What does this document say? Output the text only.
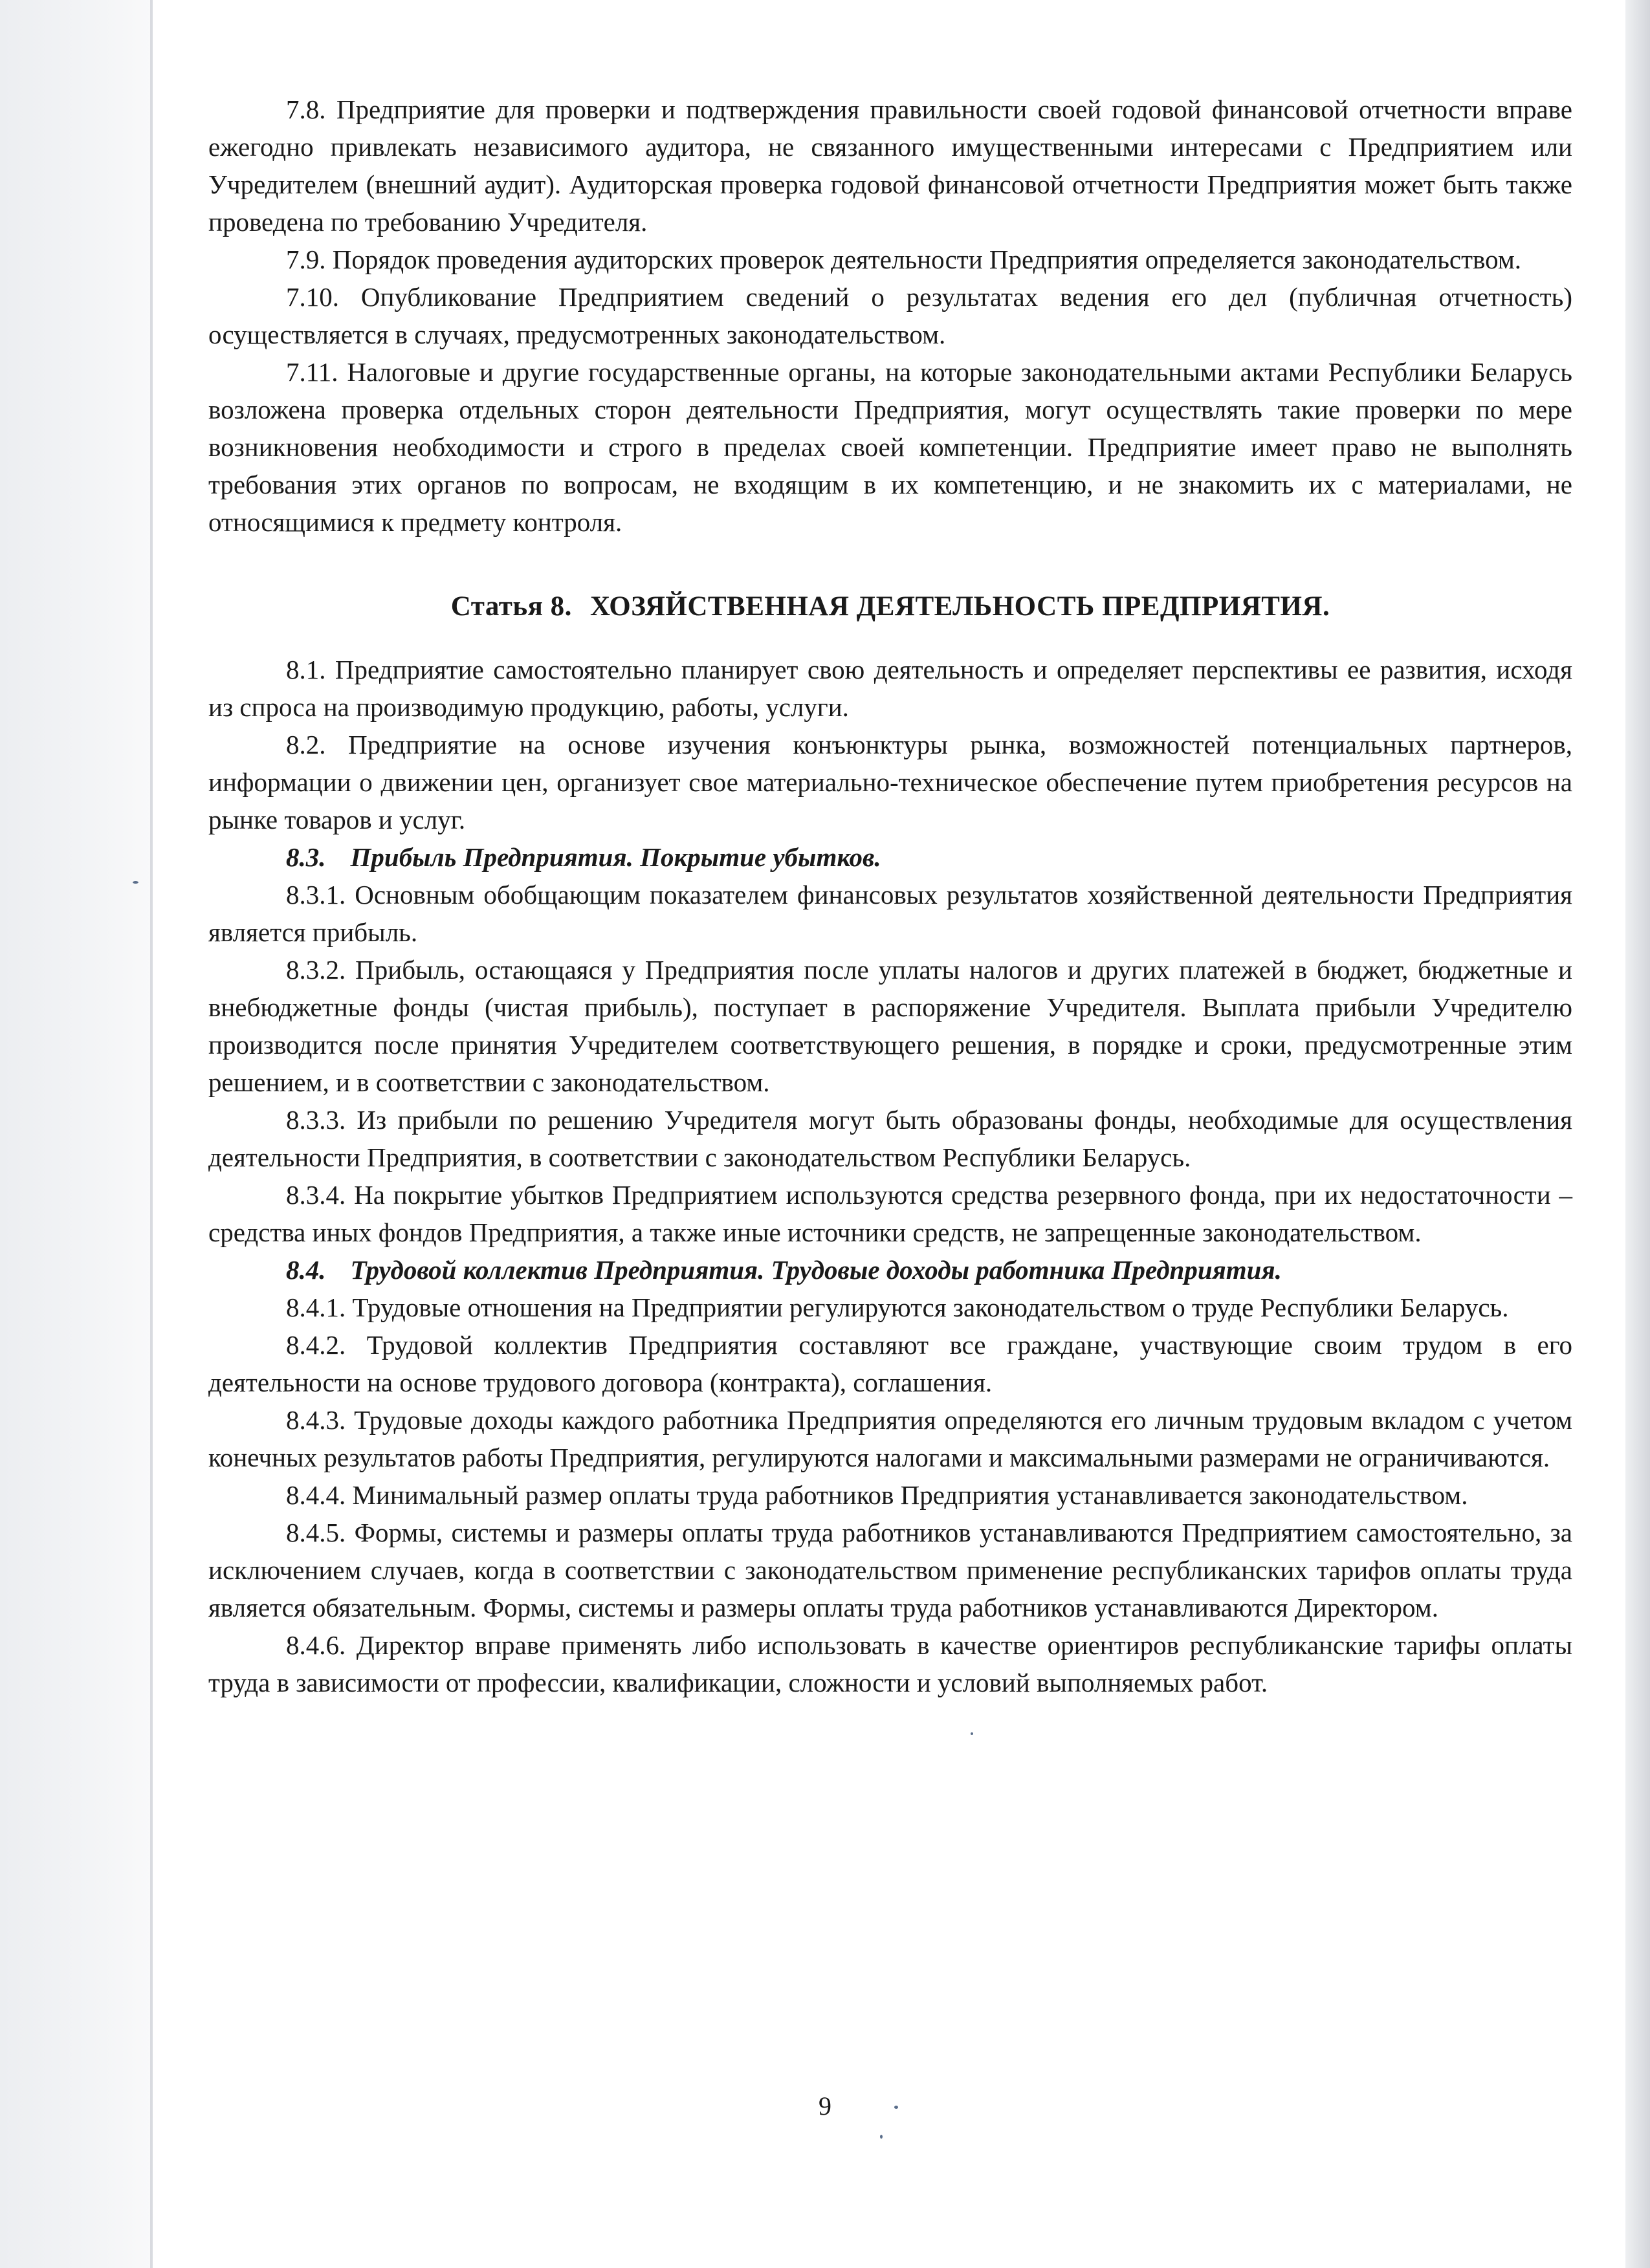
7.8. Предприятие для проверки и подтверждения правильности своей годовой финансовой отчетности вправе ежегодно привлекать независимого аудитора, не связанного имущественными интересами с Предприятием или Учредителем (внешний аудит). Аудиторская проверка годовой финансовой отчетности Предприятия может быть также проведена по требованию Учредителя.

7.9. Порядок проведения аудиторских проверок деятельности Предприятия определяется законодательством.

7.10. Опубликование Предприятием сведений о результатах ведения его дел (публичная отчетность) осуществляется в случаях, предусмотренных законодательством.

7.11. Налоговые и другие государственные органы, на которые законодательными актами Республики Беларусь возложена проверка отдельных сторон деятельности Предприятия, могут осуществлять такие проверки по мере возникновения необходимости и строго в пределах своей компетенции. Предприятие имеет право не выполнять требования этих органов по вопросам, не входящим в их компетенцию, и не знакомить их с материалами, не относящимися к предмету контроля.

Статья 8. ХОЗЯЙСТВЕННАЯ ДЕЯТЕЛЬНОСТЬ ПРЕДПРИЯТИЯ.

8.1. Предприятие самостоятельно планирует свою деятельность и определяет перспективы ее развития, исходя из спроса на производимую продукцию, работы, услуги.

8.2. Предприятие на основе изучения конъюнктуры рынка, возможностей потенциальных партнеров, информации о движении цен, организует свое материально-техническое обеспечение путем приобретения ресурсов на рынке товаров и услуг.

8.3. Прибыль Предприятия. Покрытие убытков.

8.3.1. Основным обобщающим показателем финансовых результатов хозяйственной деятельности Предприятия является прибыль.

8.3.2. Прибыль, остающаяся у Предприятия после уплаты налогов и других платежей в бюджет, бюджетные и внебюджетные фонды (чистая прибыль), поступает в распоряжение Учредителя. Выплата прибыли Учредителю производится после принятия Учредителем соответствующего решения, в порядке и сроки, предусмотренные этим решением, и в соответствии с законодательством.

8.3.3. Из прибыли по решению Учредителя могут быть образованы фонды, необходимые для осуществления деятельности Предприятия, в соответствии с законодательством Республики Беларусь.

8.3.4. На покрытие убытков Предприятием используются средства резервного фонда, при их недостаточности – средства иных фондов Предприятия, а также иные источники средств, не запрещенные законодательством.

8.4. Трудовой коллектив Предприятия. Трудовые доходы работника Предприятия.

8.4.1. Трудовые отношения на Предприятии регулируются законодательством о труде Республики Беларусь.

8.4.2. Трудовой коллектив Предприятия составляют все граждане, участвующие своим трудом в его деятельности на основе трудового договора (контракта), соглашения.

8.4.3. Трудовые доходы каждого работника Предприятия определяются его личным трудовым вкладом с учетом конечных результатов работы Предприятия, регулируются налогами и максимальными размерами не ограничиваются.

8.4.4. Минимальный размер оплаты труда работников Предприятия устанавливается законодательством.

8.4.5. Формы, системы и размеры оплаты труда работников устанавливаются Предприятием самостоятельно, за исключением случаев, когда в соответствии с законодательством применение республиканских тарифов оплаты труда является обязательным. Формы, системы и размеры оплаты труда работников устанавливаются Директором.

8.4.6. Директор вправе применять либо использовать в качестве ориентиров республиканские тарифы оплаты труда в зависимости от профессии, квалификации, сложности и условий выполняемых работ.

9
